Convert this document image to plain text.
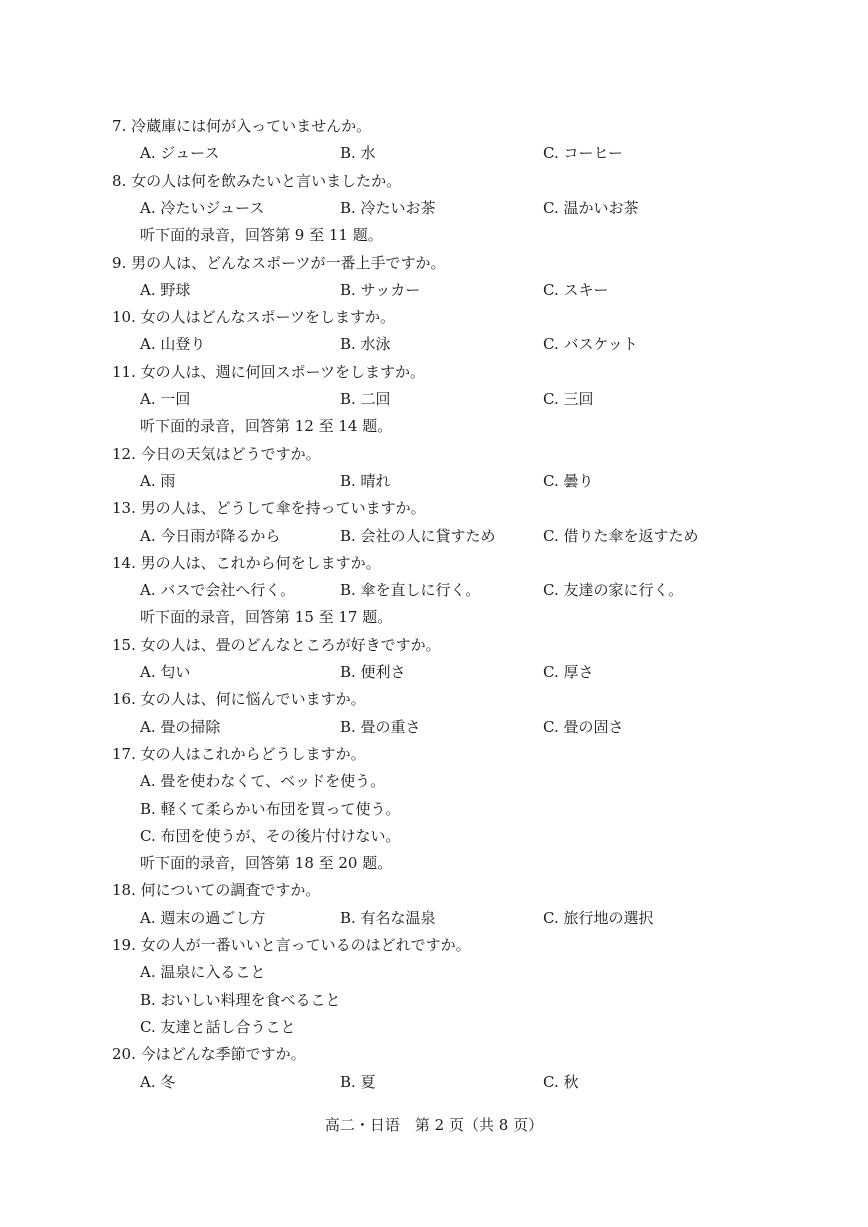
7. 冷蔵庫には何が入っていませんか。
A. ジュース	B. 水	C. コーヒー
8. 女の人は何を飲みたいと言いましたか。
A. 冷たいジュース	B. 冷たいお茶	C. 温かいお茶
听下面的录音，回答第 9 至 11 题。
9. 男の人は、どんなスポーツが一番上手ですか。
A. 野球	B. サッカー	C. スキー
10. 女の人はどんなスポーツをしますか。
A. 山登り	B. 水泳	C. バスケット
11. 女の人は、週に何回スポーツをしますか。
A. 一回	B. 二回	C. 三回
听下面的录音，回答第 12 至 14 题。
12. 今日の天気はどうですか。
A. 雨	B. 晴れ	C. 曇り
13. 男の人は、どうして傘を持っていますか。
A. 今日雨が降るから	B. 会社の人に貸すため	C. 借りた傘を返すため
14. 男の人は、これから何をしますか。
A. バスで会社へ行く。	B. 傘を直しに行く。	C. 友達の家に行く。
听下面的录音，回答第 15 至 17 题。
15. 女の人は、畳のどんなところが好きですか。
A. 匂い	B. 便利さ	C. 厚さ
16. 女の人は、何に悩んでいますか。
A. 畳の掃除	B. 畳の重さ	C. 畳の固さ
17. 女の人はこれからどうしますか。
A. 畳を使わなくて、ベッドを使う。
B. 軽くて柔らかい布団を買って使う。
C. 布団を使うが、その後片付けない。
听下面的录音，回答第 18 至 20 题。
18. 何についての調査ですか。
A. 週末の過ごし方	B. 有名な温泉	C. 旅行地の選択
19. 女の人が一番いいと言っているのはどれですか。
A. 温泉に入ること
B. おいしい料理を食べること
C. 友達と話し合うこと
20. 今はどんな季節ですか。
A. 冬	B. 夏	C. 秋
高二・日语　第 2 页（共 8 页）
